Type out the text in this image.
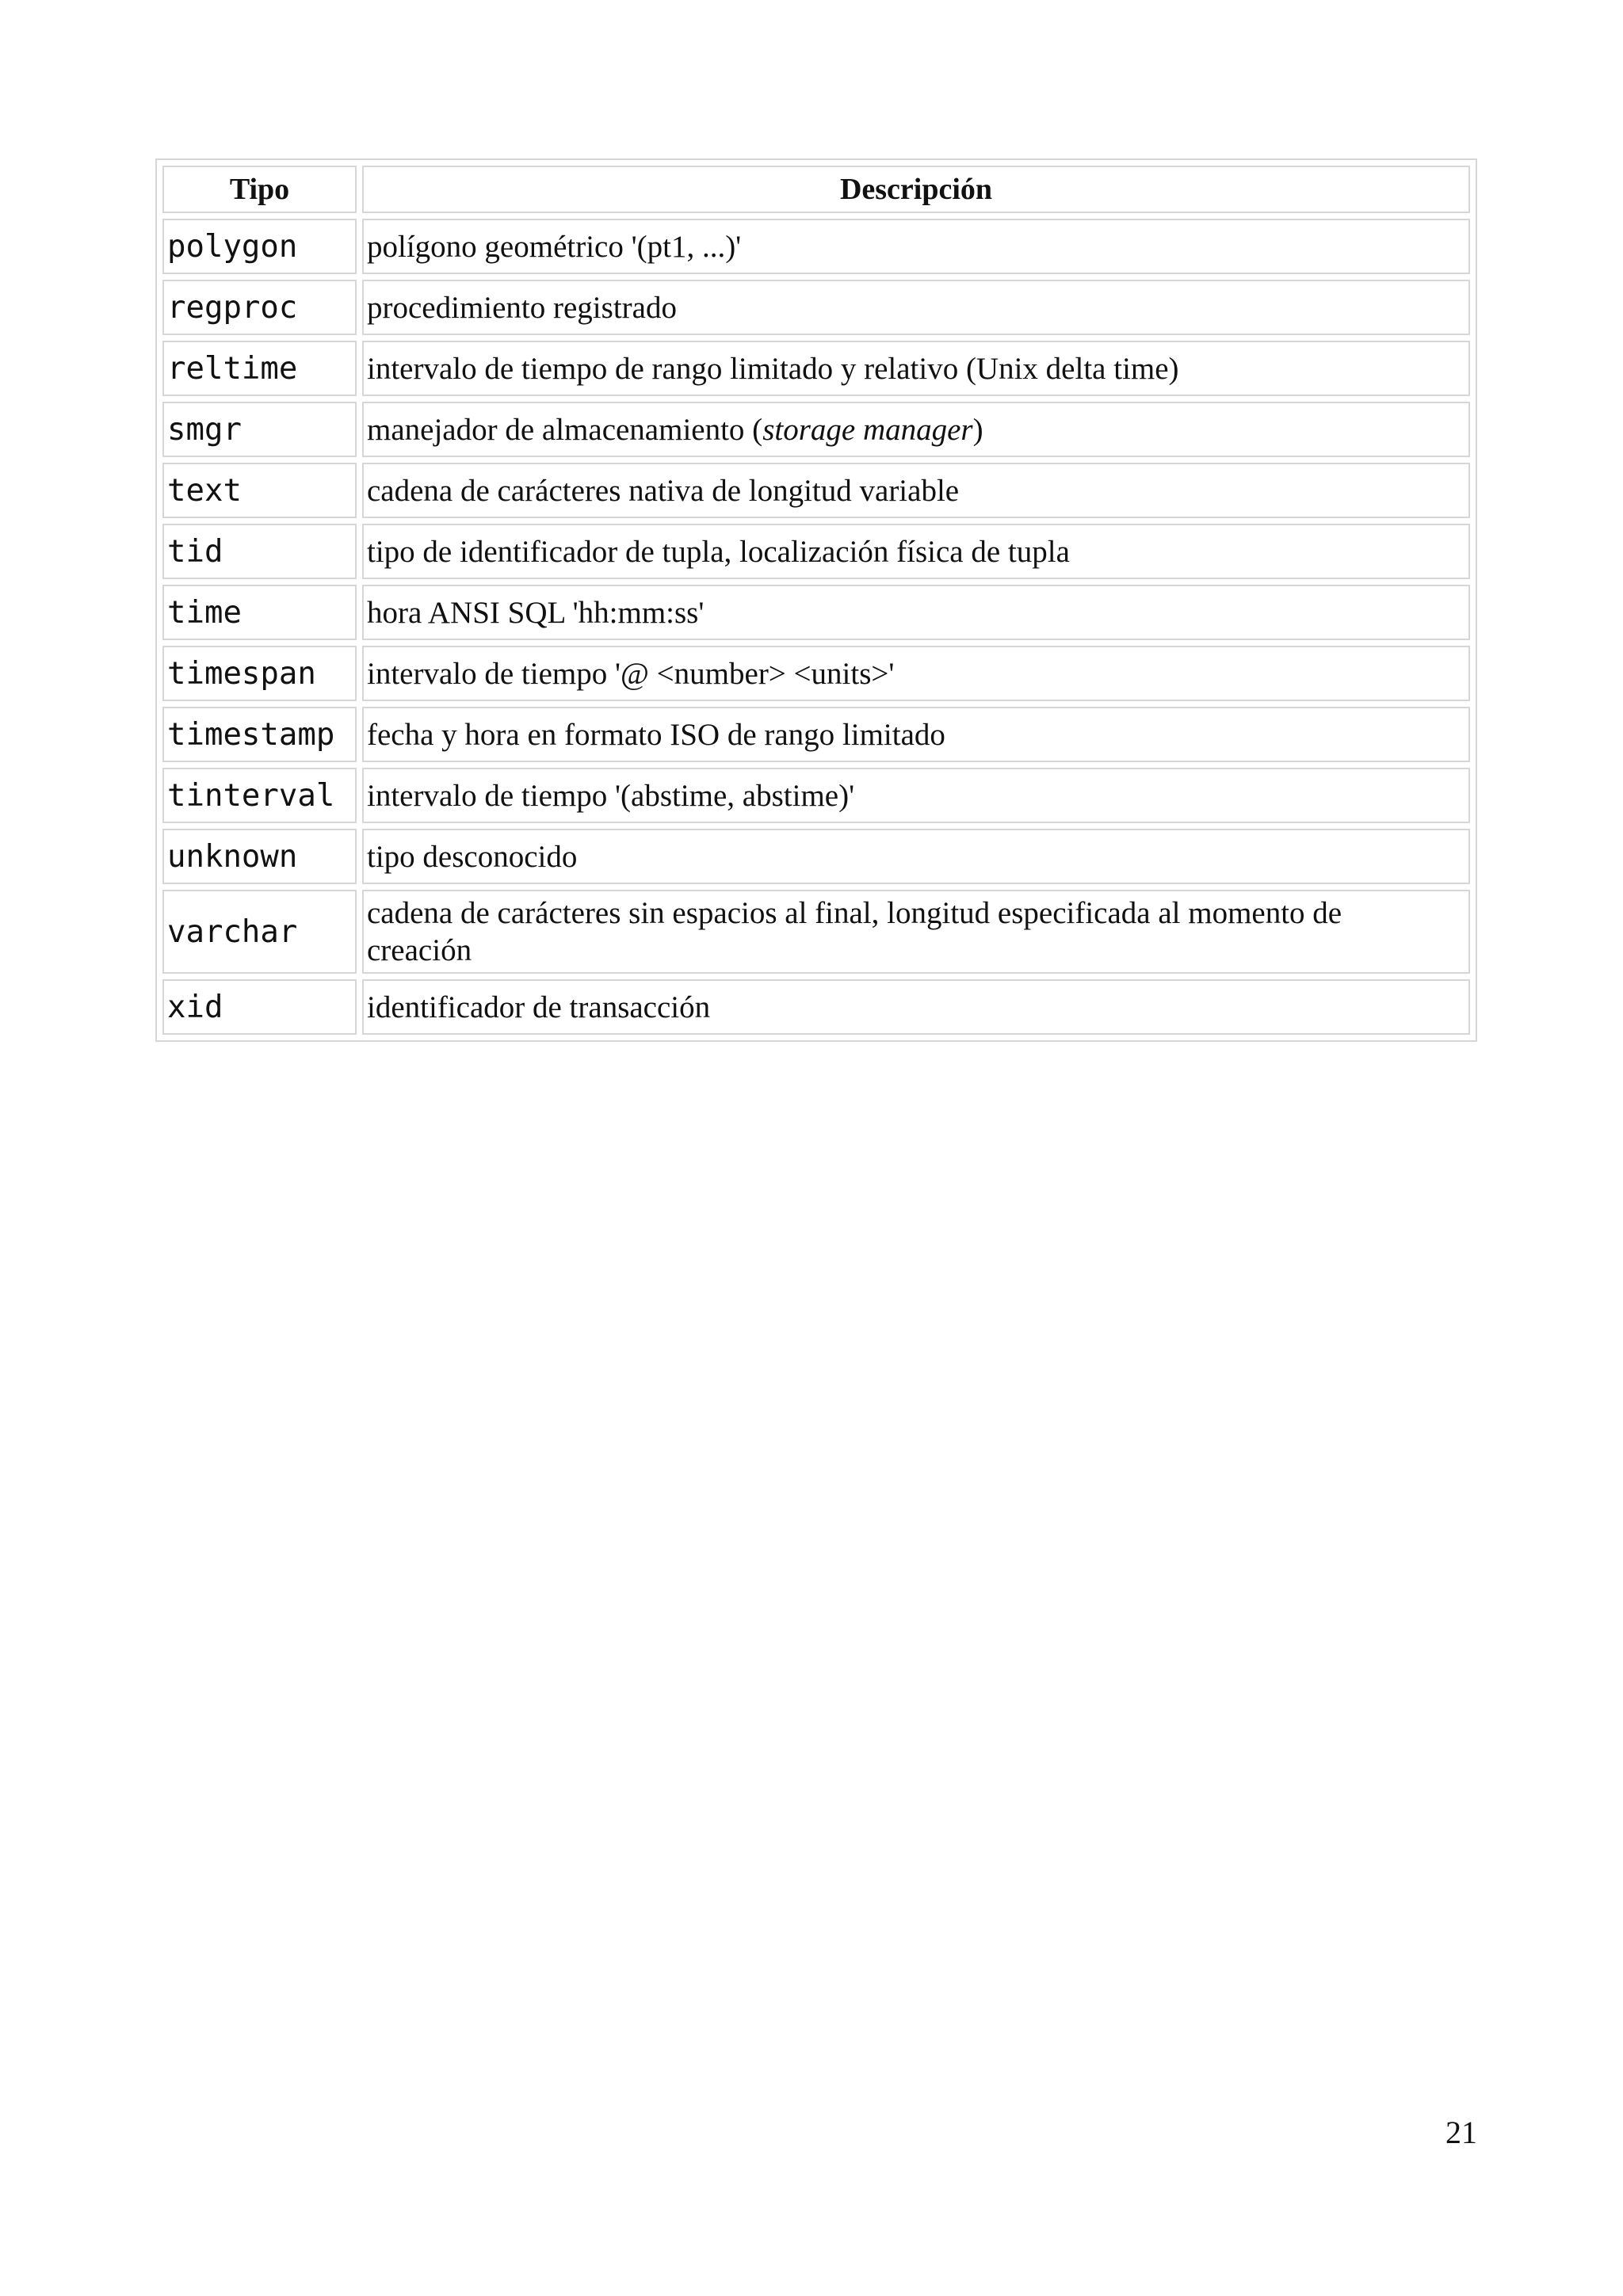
Tipo	Descripción
polygon	polígono geométrico '(pt1, ...)'
regproc	procedimiento registrado
reltime	intervalo de tiempo de rango limitado y relativo (Unix delta time)
smgr	manejador de almacenamiento (storage manager)
text	cadena de carácteres nativa de longitud variable
tid	tipo de identificador de tupla, localización física de tupla
time	hora ANSI SQL 'hh:mm:ss'
timespan	intervalo de tiempo '@ <number> <units>'
timestamp	fecha y hora en formato ISO de rango limitado
tinterval	intervalo de tiempo '(abstime, abstime)'
unknown	tipo desconocido
varchar	cadena de carácteres sin espacios al final, longitud especificada al momento de creación
xid	identificador de transacción
21
